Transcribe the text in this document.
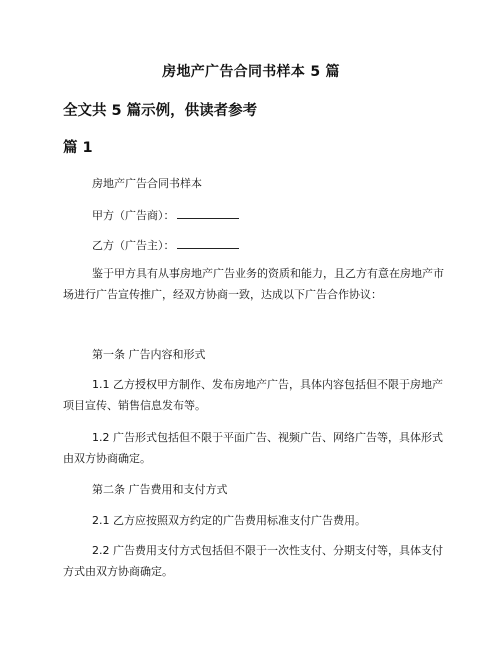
房地产广告合同书样本 5 篇
全文共 5 篇示例，供读者参考
篇 1

房地产广告合同书样本

甲方（广告商）：

乙方（广告主）：

鉴于甲方具有从事房地产广告业务的资质和能力，且乙方有意在房地产市场进行广告宣传推广，经双方协商一致，达成以下广告合作协议：

第一条 广告内容和形式

1.1 乙方授权甲方制作、发布房地产广告，具体内容包括但不限于房地产项目宣传、销售信息发布等。

1.2 广告形式包括但不限于平面广告、视频广告、网络广告等，具体形式由双方协商确定。

第二条 广告费用和支付方式

2.1 乙方应按照双方约定的广告费用标准支付广告费用。

2.2 广告费用支付方式包括但不限于一次性支付、分期支付等，具体支付方式由双方协商确定。
